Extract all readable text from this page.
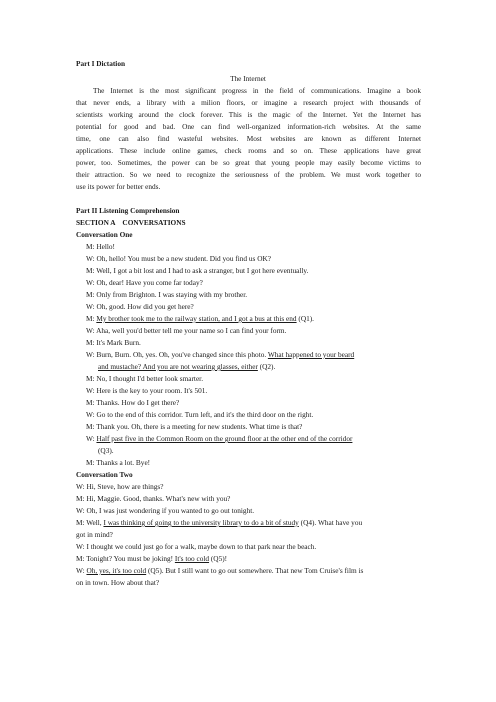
Part I Dictation
The Internet
The Internet is the most significant progress in the field of communications. Imagine a book
that never ends, a library with a milion floors, or imagine a research project with thousands of
scientists working around the clock forever. This is the magic of the Internet. Yet the Internet has
potential for good and bad. One can find well-organized information-rich websites. At the same
time, one can also find wasteful websites. Most websites are known as different Internet
applications. These include online games, check rooms and so on. These applications have great
power, too. Sometimes, the power can be so great that young people may easily become victims to
their attraction. So we need to recognize the seriousness of the problem. We must work together to
use its power for better ends.
Part II Listening Comprehension
SECTION A    CONVERSATIONS
Conversation One
M: Hello!
W: Oh, hello! You must be a new student. Did you find us OK?
M: Well, I got a bit lost and I had to ask a stranger, but I got here eventually.
W: Oh, dear! Have you come far today?
M: Only from Brighton. I was staying with my brother.
W: Oh, good. How did you get here?
M: My brother took me to the railway station, and I got a bus at this end (Q1).
W: Aha, well you'd better tell me your name so I can find your form.
M: It's Mark Burn.
W: Burn, Burn. Oh, yes. Oh, you've changed since this photo. What happened to your beard
and mustache? And you are not wearing glasses, either (Q2).
M: No, I thought I'd better look smarter.
W: Here is the key to your room. It's 501.
M: Thanks. How do I get there?
W: Go to the end of this corridor. Turn left, and it's the third door on the right.
M: Thank you. Oh, there is a meeting for new students. What time is that?
W: Half past five in the Common Room on the ground floor at the other end of the corridor
(Q3).
M: Thanks a lot. Bye!
Conversation Two
W: Hi, Steve, how are things?
M: Hi, Maggie. Good, thanks. What's new with you?
W: Oh, I was just wondering if you wanted to go out tonight.
M: Well, I was thinking of going to the university library to do a bit of study (Q4). What have you
got in mind?
W: I thought we could just go for a walk, maybe down to that park near the beach.
M: Tonight? You must be joking! It's too cold (Q5)!
W: Oh, yes, it's too cold (Q5). But I still want to go out somewhere. That new Tom Cruise's film is
on in town. How about that?
